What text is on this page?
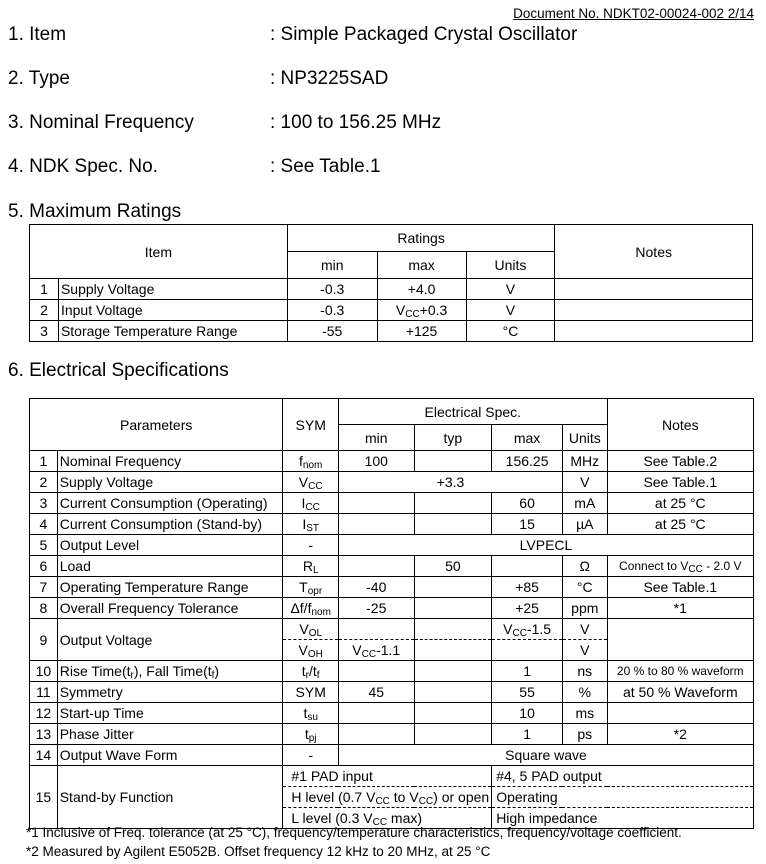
Document No. NDKT02-00024-002 2/14
1. Item	: Simple Packaged Crystal Oscillator
2. Type	: NP3225SAD
3. Nominal Frequency	: 100 to 156.25 MHz
4. NDK Spec. No.	: See Table.1
5. Maximum Ratings
Item		Ratings			Notes
		min	max	Units	
1	Supply Voltage	-0.3	+4.0	V	
2	Input Voltage	-0.3	$V_{CC}+0.3$	V	
3	Storage Temperature Range	-55	+125	°C	
6. Electrical Specifications
Parameters		SYM	Electrical Spec.				Notes
			min	typ	max	Units	
1	Nominal Frequency	$f_{nom}$	100		156.25	MHz	See Table.2
2	Supply Voltage	$V_{CC}$	+3.3			V	See Table.1
3	Current Consumption (Operating)	$I_{CC}$			60	mA	at 25 °C
4	Current Consumption (Stand-by)	$I_{ST}$			15	µA	at 25 °C
5	Output Level	-	LVPECL				
6	Load	$R_L$		50		Ω	Connect to $V_{CC} - 2.0$ V
7	Operating Temperature Range	$T_{opr}$	-40		+85	°C	See Table.1
8	Overall Frequency Tolerance	$\Delta f/f_{nom}$	-25		+25	ppm	*1
9	Output Voltage	$V_{OL}$			$V_{CC}-1.5$	V	
		$V_{OH}$	$V_{CC}-1.1$			V	
10	Rise $Time(t_r)$, Fall $Time(t_f)$	$t_r/t_f$			1	ns	20 % to 80 % waveform
11	Symmetry	SYM	45		55	%	at 50 % Waveform
12	Start-up Time	$t_{su}$			10	ms	
13	Phase Jitter	$t_{pj}$			1	ps	*2
14	Output Wave Form	-	Square wave				
15	Stand-by Function	#1 PAD input			#4, 5 PAD output		
		H level (0.7 $V_{CC}$ to $V_{CC}$) or open			Operating		
		L level (0.3 $V_{CC}$ max)			High impedance		
*1 Inclusive of Freq. tolerance (at 25 °C), frequency/temperature characteristics, frequency/voltage coefficient.
*2 Measured by Agilent E5052B. Offset frequency 12 kHz to 20 MHz, at 25 °C
